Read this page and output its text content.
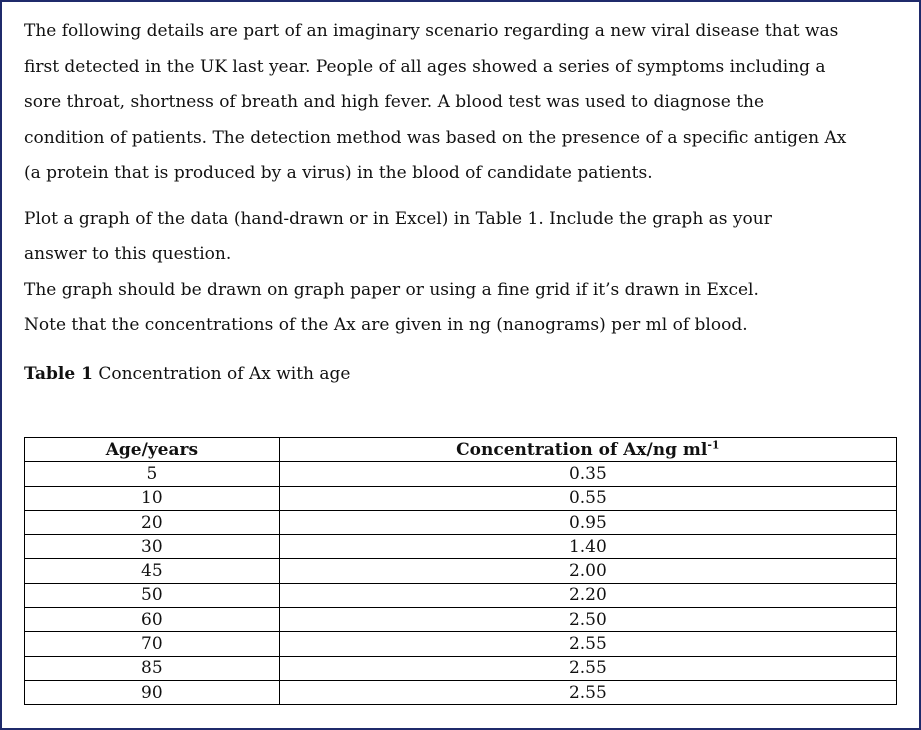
The following details are part of an imaginary scenario regarding a new viral disease that was
first detected in the UK last year. People of all ages showed a series of symptoms including a
sore throat, shortness of breath and high fever. A blood test was used to diagnose the
condition of patients. The detection method was based on the presence of a specific antigen Ax
(a protein that is produced by a virus) in the blood of candidate patients.
Plot a graph of the data (hand-drawn or in Excel) in Table 1. Include the graph as your
answer to this question.
The graph should be drawn on graph paper or using a fine grid if it’s drawn in Excel.
Note that the concentrations of the Ax are given in ng (nanograms) per ml of blood.
Table 1 Concentration of Ax with age
Age/years	Concentration of Ax/ng $ml^{-1}$
5	0.35
10	0.55
20	0.95
30	1.40
45	2.00
50	2.20
60	2.50
70	2.55
85	2.55
90	2.55
